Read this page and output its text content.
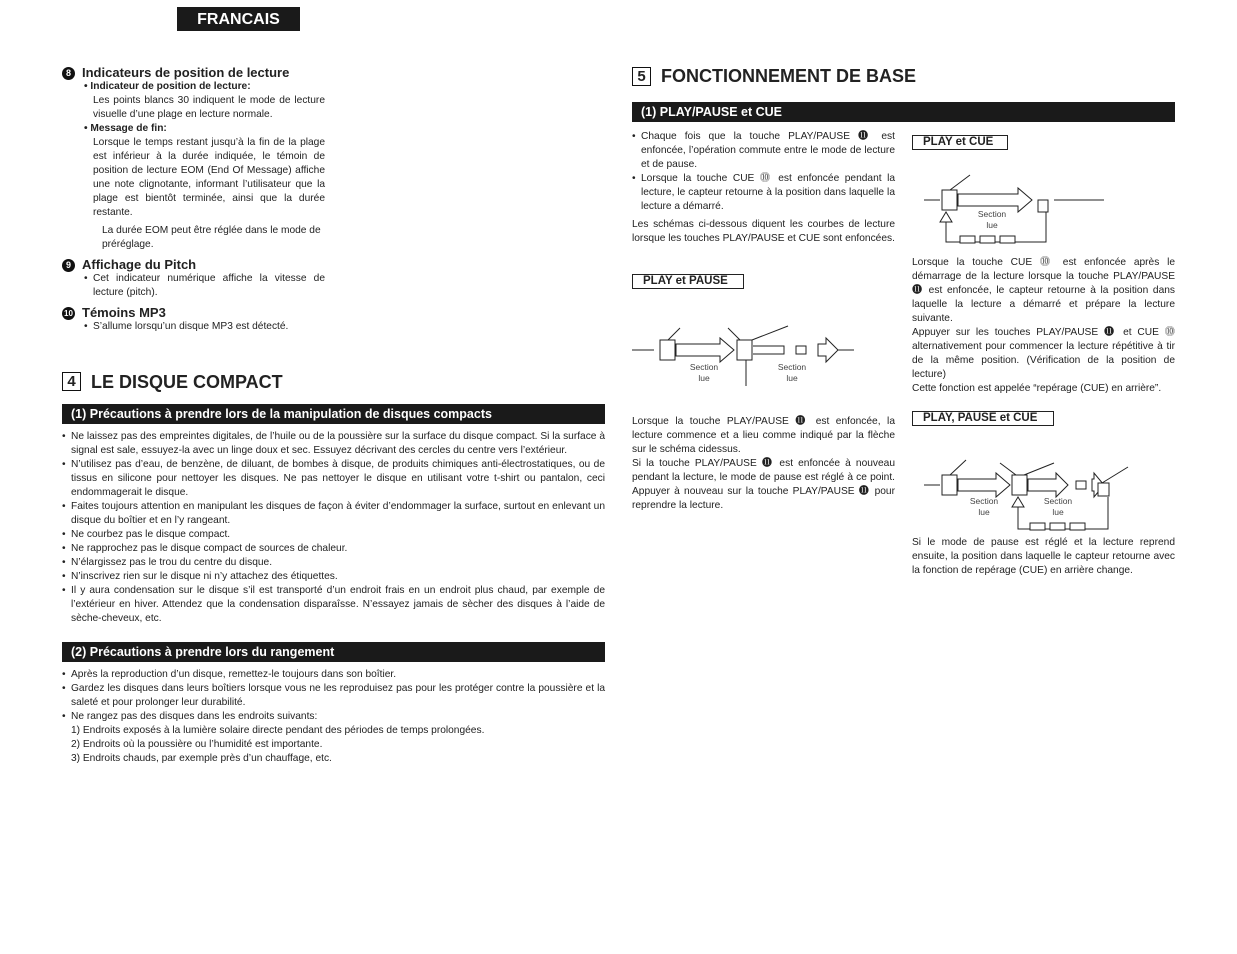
FRANCAIS
8 Indicateurs de position de lecture

• Indicateur de position de lecture:

Les points blancs 30 indiquent le mode de lecture visuelle d’une plage en lecture normale.

• Message de fin:

Lorsque le temps restant jusqu’à la fin de la plage est inférieur à la durée indiquée, le témoin de position de lecture EOM (End Of Message) affiche une note clignotante, informant l’utilisateur que la plage est bientôt terminée, ainsi que la durée restante.

La durée EOM peut être réglée dans le mode de préréglage.

9 Affichage du Pitch
• Cet indicateur numérique affiche la vitesse de lecture (pitch).
10 Témoins MP3
• S’allume lorsqu’un disque MP3 est détecté.
4 LE DISQUE COMPACT
(1) Précautions à prendre lors de la manipulation de disques compacts
• Ne laissez pas des empreintes digitales, de l’huile ou de la poussière sur la surface du disque compact. Si la surface à signal est sale, essuyez-la avec un linge doux et sec. Essuyez décrivant des cercles du centre vers l’extérieur.
• N’utilisez pas d’eau, de benzène, de diluant, de bombes à disque, de produits chimiques anti-électrostatiques, ou de tissus en silicone pour nettoyer les disques. Ne pas nettoyer le disque en utilisant votre t-shirt ou pantalon, ceci endommagerait le disque.
• Faites toujours attention en manipulant les disques de façon à éviter d’endommager la surface, surtout en enlevant un disque du boîtier et en l’y rangeant.
• Ne courbez pas le disque compact.
• Ne rapprochez pas le disque compact de sources de chaleur.
• N’élargissez pas le trou du centre du disque.
• N’inscrivez rien sur le disque ni n’y attachez des étiquettes.
• Il y aura condensation sur le disque s’il est transporté d’un endroit frais en un endroit plus chaud, par exemple de l’extérieur en hiver. Attendez que la condensation disparaîsse. N’essayez jamais de sècher des disques à l’aide de sèche-cheveux, etc.
(2) Précautions à prendre lors du rangement
• Après la reproduction d’un disque, remettez-le toujours dans son boîtier.
• Gardez les disques dans leurs boîtiers lorsque vous ne les reproduisez pas pour les protéger contre la poussière et la saleté et pour prolonger leur durabilité.
• Ne rangez pas des disques dans les endroits suivants:
1) Endroits exposés à la lumière solaire directe pendant des périodes de temps prolongées.
2) Endroits où la poussière ou l’humidité est importante.
3) Endroits chauds, par exemple près d’un chauffage, etc.
5 FONCTIONNEMENT DE BASE
(1) PLAY/PAUSE et CUE
• Chaque fois que la touche PLAY/PAUSE ⓫ est enfoncée, l’opération commute entre le mode de lecture et de pause.
• Lorsque la touche CUE ⓾ est enfoncée pendant la lecture, le capteur retourne à la position dans laquelle la lecture a démarré.

Les schémas ci-dessous diquent les courbes de lecture lorsque les touches PLAY/PAUSE et CUE sont enfoncées.

PLAY et PAUSE
Section
lue
Section
lue

Lorsque la touche PLAY/PAUSE ⓫ est enfoncée, la lecture commence et a lieu comme indiqué par la flèche sur le schéma cidessus.

Si la touche PLAY/PAUSE ⓫ est enfoncée à nouveau pendant la lecture, le mode de pause est réglé à ce point. Appuyer à nouveau sur la touche PLAY/PAUSE ⓫ pour reprendre la lecture.

PLAY et CUE
Section
lue

Lorsque la touche CUE ⓾ est enfoncée après le démarrage de la lecture lorsque la touche PLAY/PAUSE ⓫ est enfoncée, le capteur retourne à la position dans laquelle la lecture a démarré et prépare la lecture suivante.

Appuyer sur les touches PLAY/PAUSE ⓫ et CUE ⓾ alternativement pour commencer la lecture répétitive à tir de la même position. (Vérification de la position de lecture)

Cette fonction est appelée “repérage (CUE) en arrière”.

PLAY, PAUSE et CUE
Section
lue
Section
lue

Si le mode de pause est réglé et la lecture reprend ensuite, la position dans laquelle le capteur retourne avec la fonction de repérage (CUE) en arrière change.
